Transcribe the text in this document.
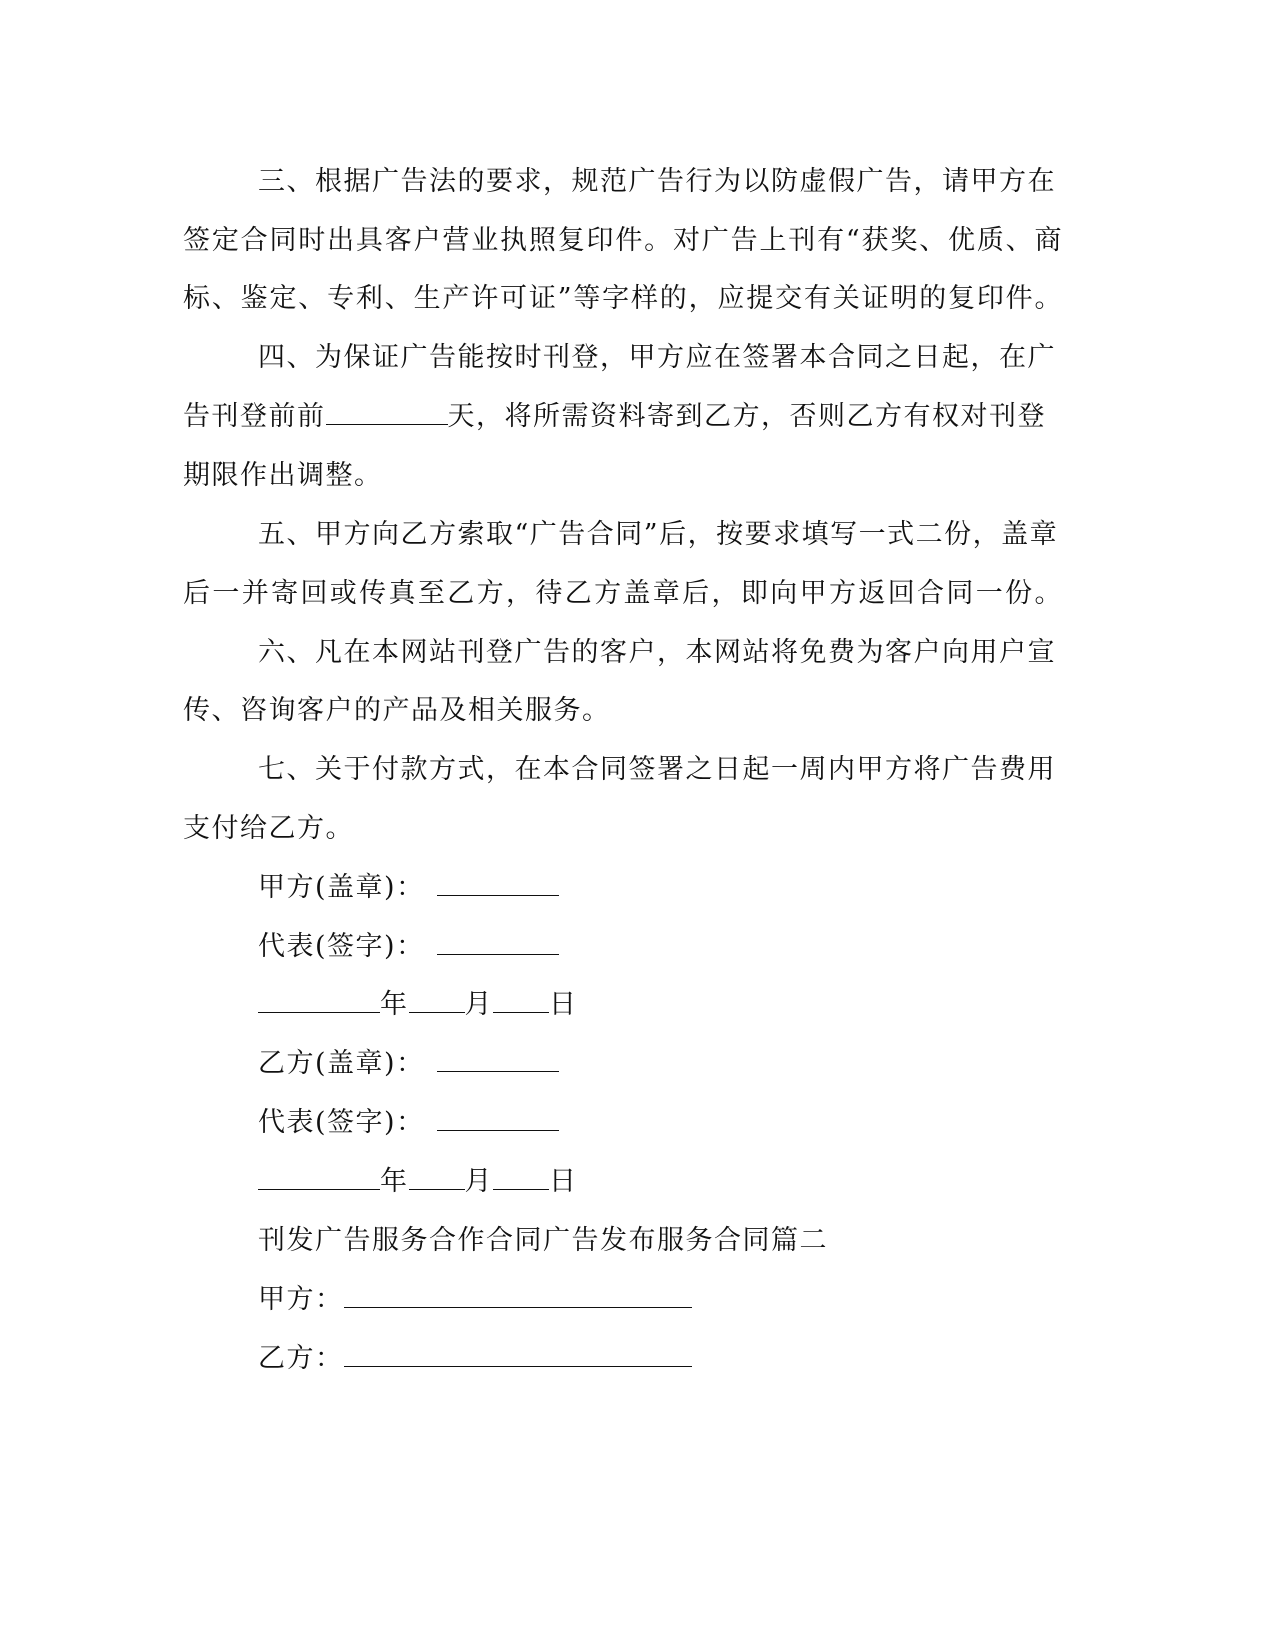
三、根据广告法的要求，规范广告行为以防虚假广告，请甲方在
签定合同时出具客户营业执照复印件。对广告上刊有“获奖、优质、商
标、鉴定、专利、生产许可证”等字样的，应提交有关证明的复印件。
四、为保证广告能按时刊登，甲方应在签署本合同之日起，在广
告刊登前前	天，将所需资料寄到乙方，否则乙方有权对刊登
期限作出调整。
五、甲方向乙方索取“广告合同”后，按要求填写一式二份，盖章
后一并寄回或传真至乙方，待乙方盖章后，即向甲方返回合同一份。
六、凡在本网站刊登广告的客户，本网站将免费为客户向用户宣
传、咨询客户的产品及相关服务。
七、关于付款方式，在本合同签署之日起一周内甲方将广告费用
支付给乙方。
甲方(盖章)：
代表(签字)：
年 月 日
乙方(盖章)：
代表(签字)：
年 月 日
刊发广告服务合作合同广告发布服务合同篇二
甲方：
乙方：
